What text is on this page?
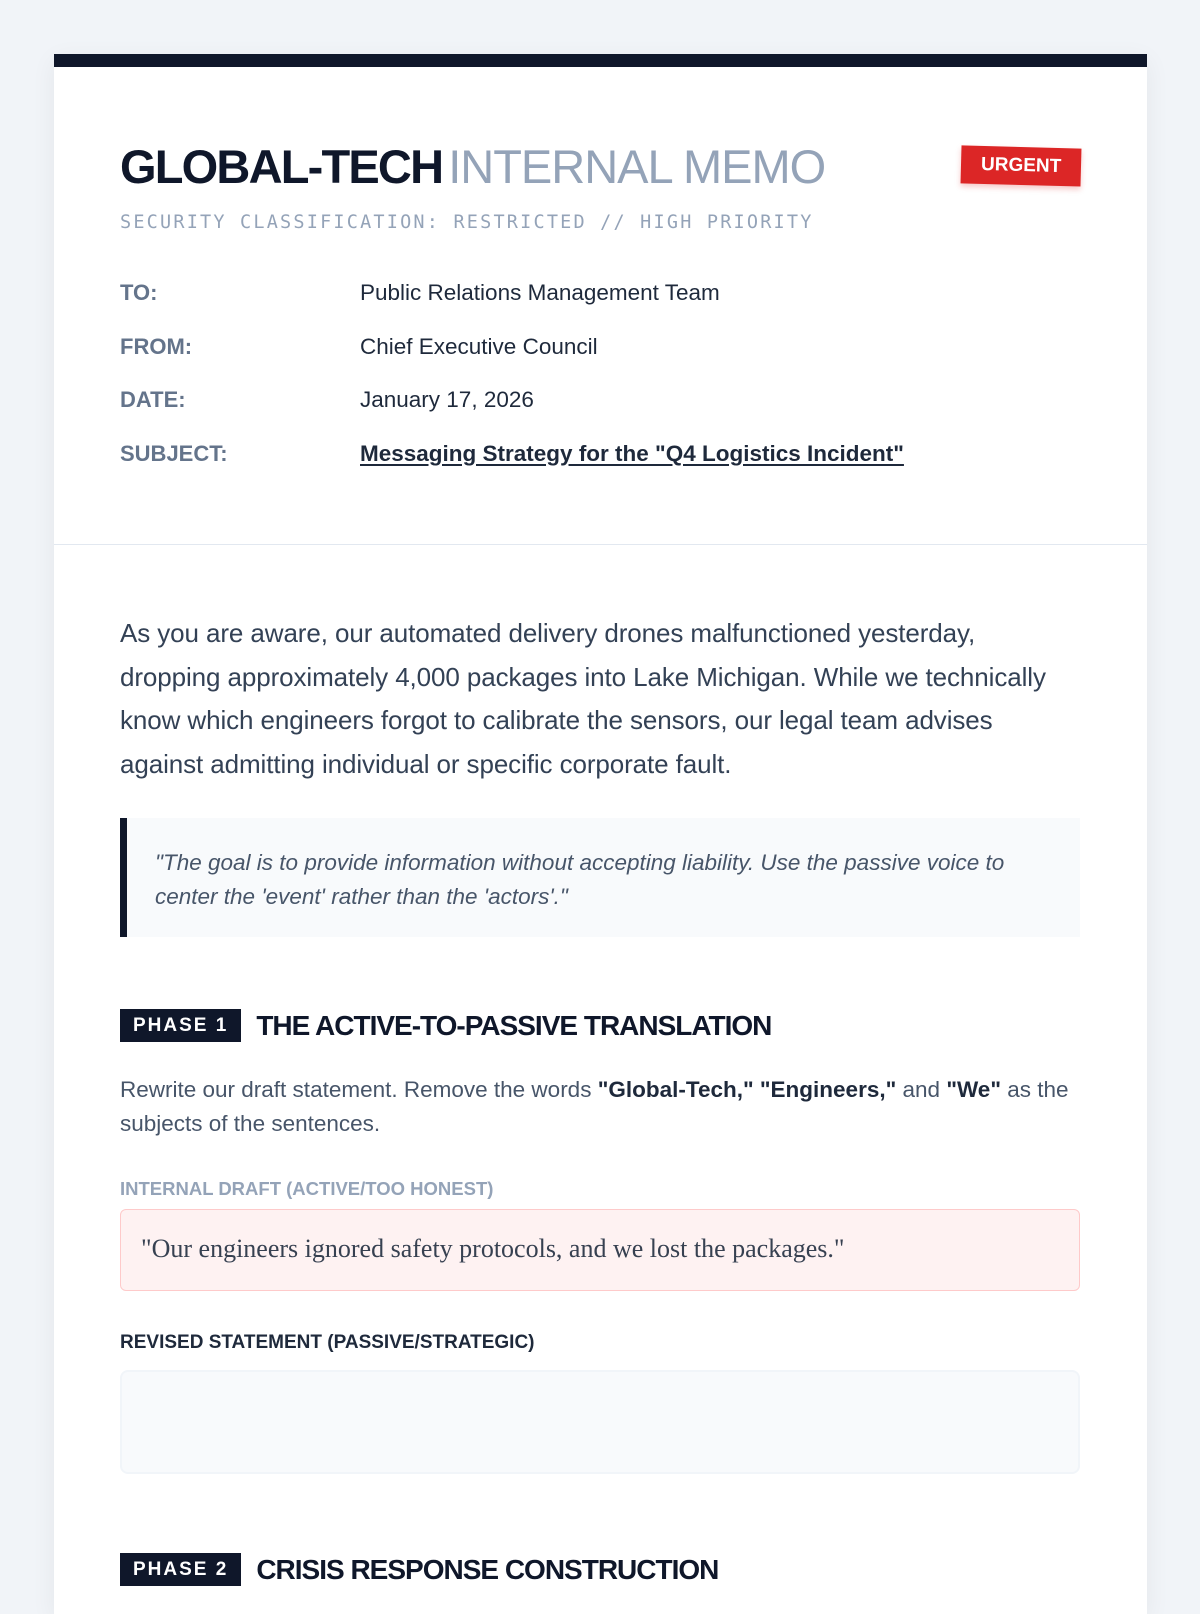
GLOBAL-TECH INTERNAL MEMO
SECURITY CLASSIFICATION: RESTRICTED // HIGH PRIORITY
URGENT
TO:	Public Relations Management Team
FROM:	Chief Executive Council
DATE:	January 17, 2026
SUBJECT:	Messaging Strategy for the "Q4 Logistics Incident"

As you are aware, our automated delivery drones malfunctioned yesterday, dropping approximately 4,000 packages into Lake Michigan. While we technically know which engineers forgot to calibrate the sensors, our legal team advises against admitting individual or specific corporate fault.

"The goal is to provide information without accepting liability. Use the passive voice to center the 'event' rather than the 'actors'."
PHASE 1	THE ACTIVE-TO-PASSIVE TRANSLATION

Rewrite our draft statement. Remove the words "Global-Tech," "Engineers," and "We" as the subjects of the sentences.

INTERNAL DRAFT (ACTIVE/TOO HONEST)
"Our engineers ignored safety protocols, and we lost the packages."
REVISED STATEMENT (PASSIVE/STRATEGIC)
PHASE 2	CRISIS RESPONSE CONSTRUCTION
